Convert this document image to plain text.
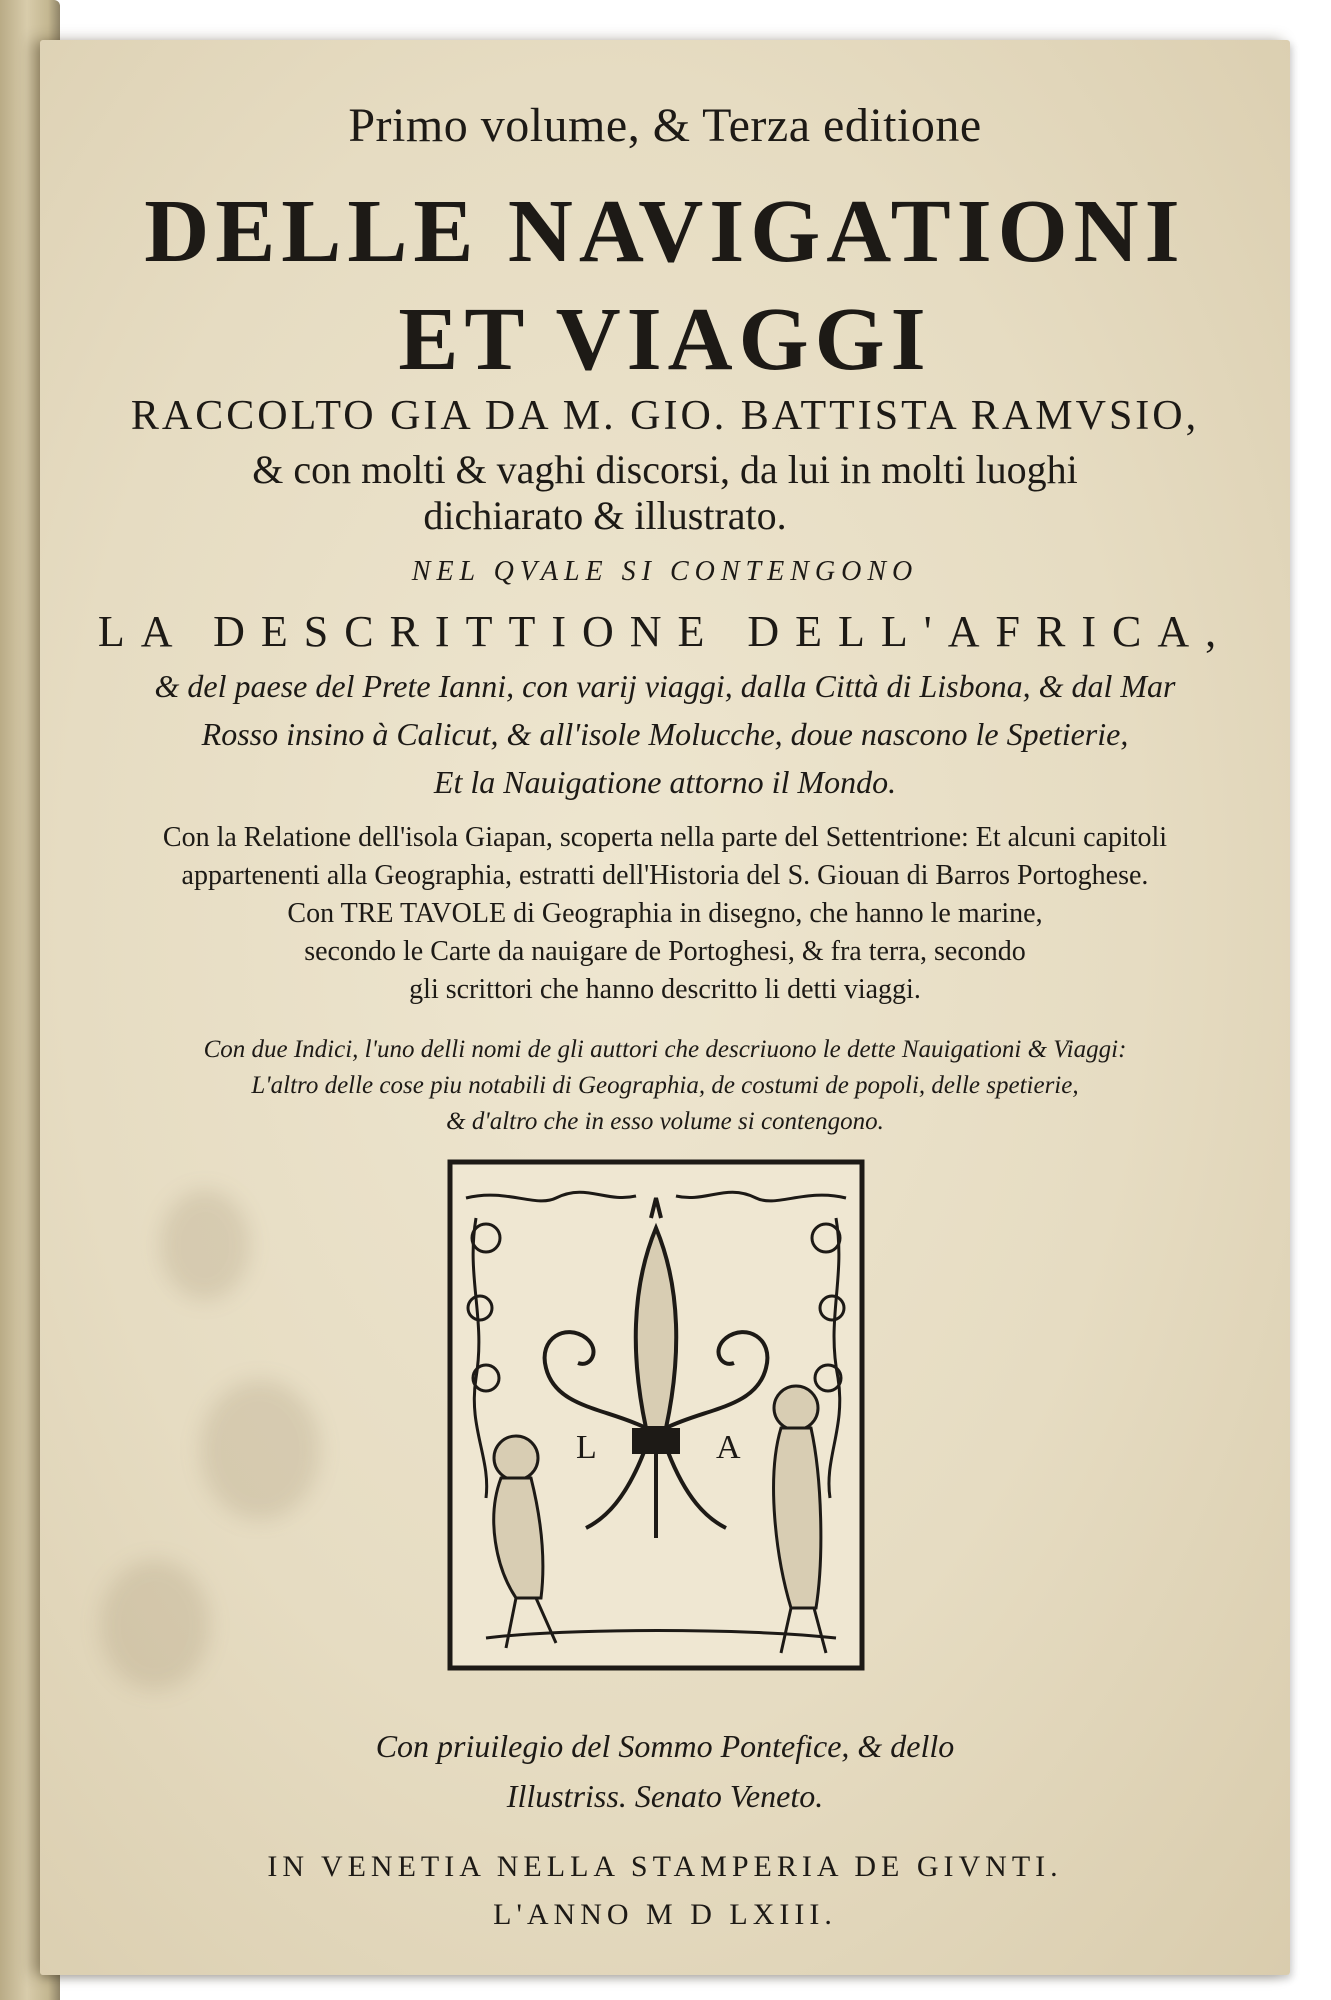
Primo volume, & Terza editione
DELLE NAVIGATIONI
ET VIAGGI
RACCOLTO GIA DA M. GIO. BATTISTA RAMVSIO,
& con molti & vaghi discorsi, da lui in molti luoghi
dichiarato & illustrato.
NEL QVALE SI CONTENGONO
LA DESCRITTIONE DELL'AFRICA,
& del paese del Prete Ianni, con varij viaggi, dalla Città di Lisbona, & dal Mar
Rosso insino à Calicut, & all'isole Molucche, doue nascono le Spetierie,
Et la Nauigatione attorno il Mondo.
Con la Relatione dell'isola Giapan, scoperta nella parte del Settentrione: Et alcuni capitoli
appartenenti alla Geographia, estratti dell'Historia del S. Giouan di Barros Portoghese.
Con TRE TAVOLE di Geographia in disegno, che hanno le marine,
secondo le Carte da nauigare de Portoghesi, & fra terra, secondo
gli scrittori che hanno descritto li detti viaggi.
Con due Indici, l'uno delli nomi de gli auttori che descriuono le dette Nauigationi & Viaggi:
L'altro delle cose piu notabili di Geographia, de costumi de popoli, delle spetierie,
& d'altro che in esso volume si contengono.
L	A
Con priuilegio del Sommo Pontefice, & dello
Illustriss. Senato Veneto.
IN VENETIA NELLA STAMPERIA DE GIVNTI.
L'ANNO M D LXIII.
